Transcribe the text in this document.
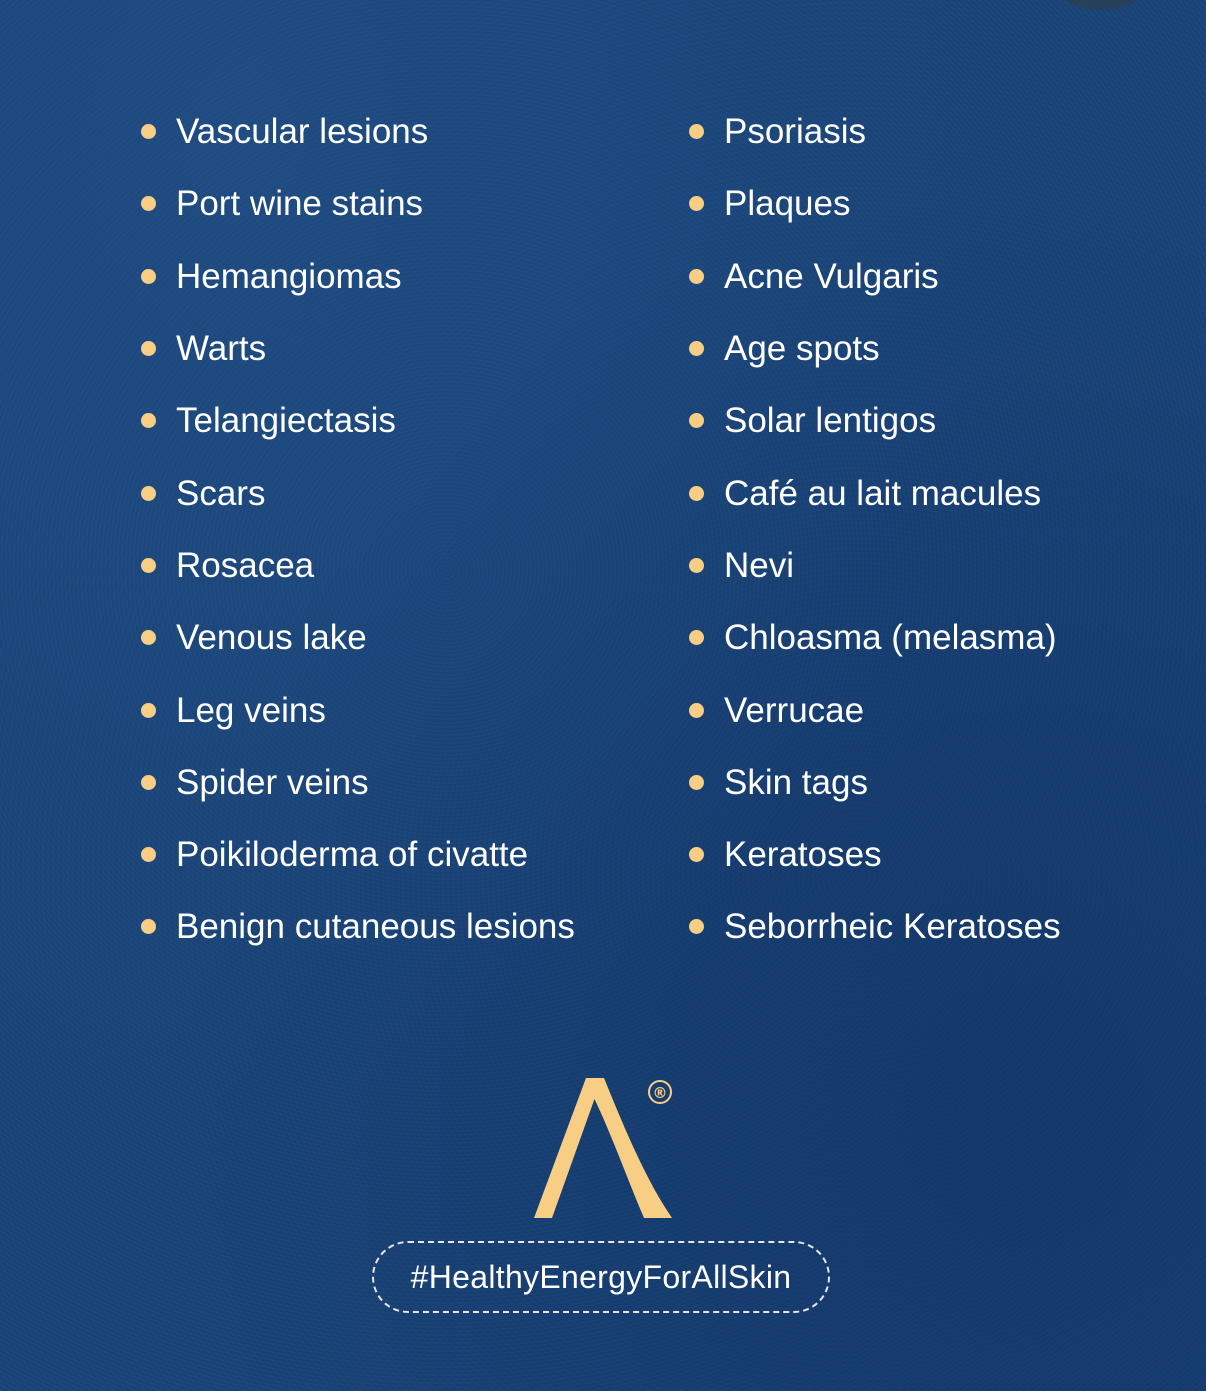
Vascular lesions
Port wine stains
Hemangiomas
Warts
Telangiectasis
Scars
Rosacea
Venous lake
Leg veins
Spider veins
Poikiloderma of civatte
Benign cutaneous lesions
Psoriasis
Plaques
Acne Vulgaris
Age spots
Solar lentigos
Café au lait macules
Nevi
Chloasma (melasma)
Verrucae
Skin tags
Keratoses
Seborrheic Keratoses
®
#HealthyEnergyForAllSkin
